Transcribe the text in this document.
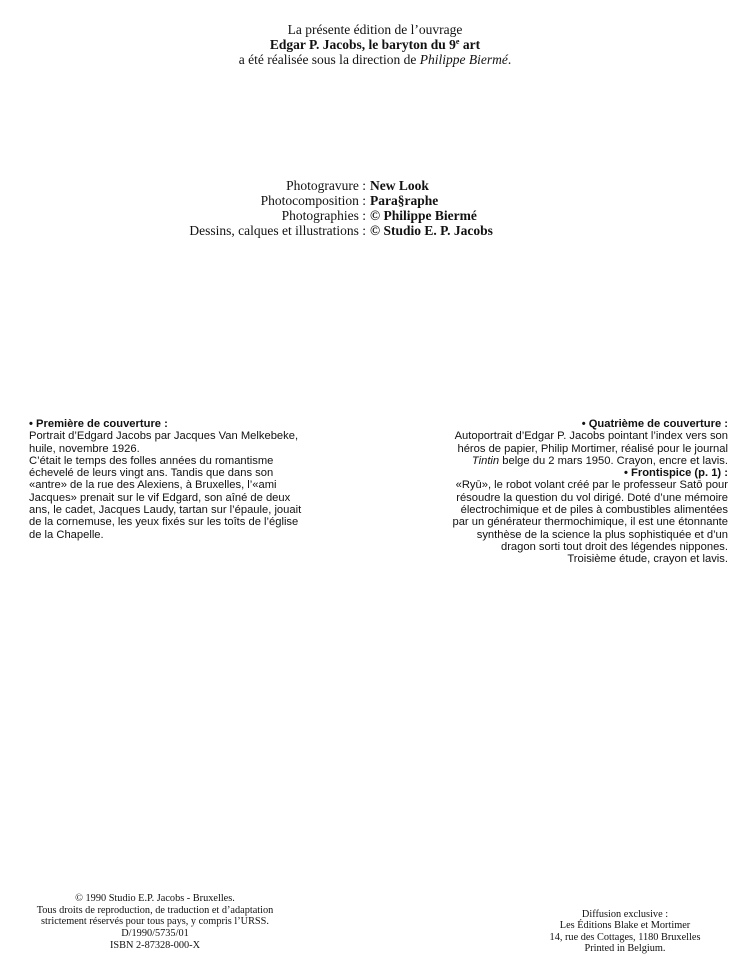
La présente édition de l’ouvrage
Edgar P. Jacobs, le baryton du 9e art
a été réalisée sous la direction de Philippe Biermé.
Photogravure : New Look
Photocomposition : Para§raphe
Photographies : © Philippe Biermé
Dessins, calques et illustrations : © Studio E. P. Jacobs
• Première de couverture :
Portrait d’Edgard Jacobs par Jacques Van Melkebeke,
huile, novembre 1926.
C’était le temps des folles années du romantisme
échevelé de leurs vingt ans. Tandis que dans son
«antre» de la rue des Alexiens, à Bruxelles, l’«ami
Jacques» prenait sur le vif Edgard, son aîné de deux
ans, le cadet, Jacques Laudy, tartan sur l’épaule, jouait
de la cornemuse, les yeux fixés sur les toîts de l’église
de la Chapelle.
• Quatrième de couverture :
Autoportrait d’Edgar P. Jacobs pointant l’index vers son
héros de papier, Philip Mortimer, réalisé pour le journal
Tintin belge du 2 mars 1950. Crayon, encre et lavis.
• Frontispice (p. 1) :
«Ryū», le robot volant créé par le professeur Satō pour
résoudre la question du vol dirigé. Doté d’une mémoire
électrochimique et de piles à combustibles alimentées
par un générateur thermochimique, il est une étonnante
synthèse de la science la plus sophistiquée et d’un
dragon sorti tout droit des légendes nippones.
Troisième étude, crayon et lavis.
© 1990 Studio E.P. Jacobs - Bruxelles.
Tous droits de reproduction, de traduction et d’adaptation
strictement réservés pour tous pays, y compris l’URSS.
D/1990/5735/01
ISBN 2-87328-000-X
Diffusion exclusive :
Les Éditions Blake et Mortimer
14, rue des Cottages, 1180 Bruxelles
Printed in Belgium.
